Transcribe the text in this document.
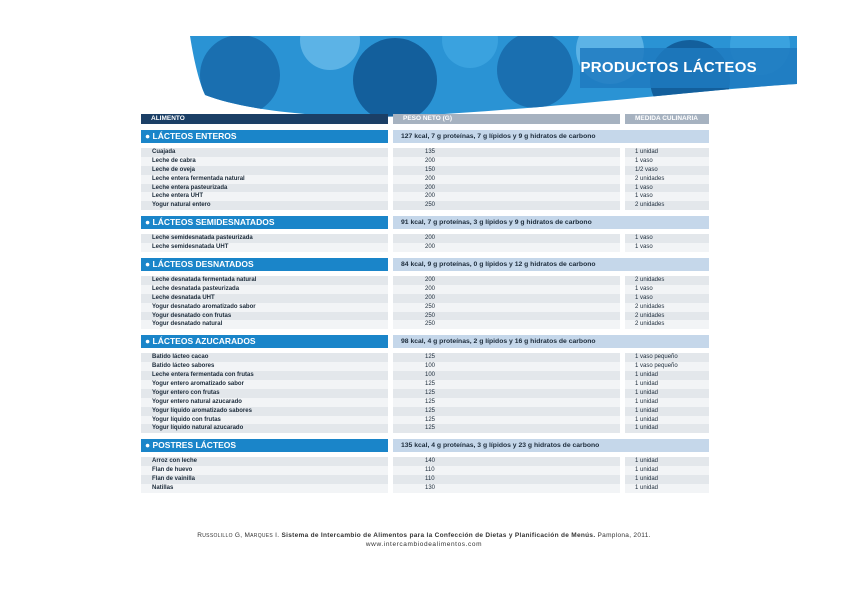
PRODUCTOS LÁCTEOS
ALIMENTO	PESO NETO (G)	MEDIDA CULINARIA
● LÁCTEOS ENTEROS	127 kcal, 7 g proteínas, 7 g lípidos y 9 g hidratos de carbono
Cuajada	135	1 unidad
Leche de cabra	200	1 vaso
Leche de oveja	150	1/2 vaso
Leche entera fermentada natural	200	2 unidades
Leche entera pasteurizada	200	1 vaso
Leche entera UHT	200	1 vaso
Yogur natural entero	250	2 unidades
● LÁCTEOS SEMIDESNATADOS	91 kcal, 7 g proteínas, 3 g lípidos y 9 g hidratos de carbono
Leche semidesnatada pasteurizada	200	1 vaso
Leche semidesnatada UHT	200	1 vaso
● LÁCTEOS DESNATADOS	84 kcal, 9 g proteínas, 0 g lípidos y 12 g hidratos de carbono
Leche desnatada fermentada natural	200	2 unidades
Leche desnatada pasteurizada	200	1 vaso
Leche desnatada UHT	200	1 vaso
Yogur desnatado aromatizado sabor	250	2 unidades
Yogur desnatado con frutas	250	2 unidades
Yogur desnatado natural	250	2 unidades
● LÁCTEOS AZUCARADOS	98 kcal, 4 g proteínas, 2 g lípidos y 16 g hidratos de carbono
Batido lácteo cacao	125	1 vaso pequeño
Batido lácteo sabores	100	1 vaso pequeño
Leche entera fermentada con frutas	100	1 unidad
Yogur entero aromatizado sabor	125	1 unidad
Yogur entero con frutas	125	1 unidad
Yogur entero natural azucarado	125	1 unidad
Yogur líquido aromatizado sabores	125	1 unidad
Yogur líquido con frutas	125	1 unidad
Yogur líquido natural azucarado	125	1 unidad
● POSTRES LÁCTEOS	135 kcal, 4 g proteínas, 3 g lípidos y 23 g hidratos de carbono
Arroz con leche	140	1 unidad
Flan de huevo	110	1 unidad
Flan de vainilla	110	1 unidad
Natillas	130	1 unidad
Russolillo G, Marques I. Sistema de Intercambio de Alimentos para la Confección de Dietas y Planificación de Menús. Pamplona, 2011.
www.intercambiodealimentos.com
